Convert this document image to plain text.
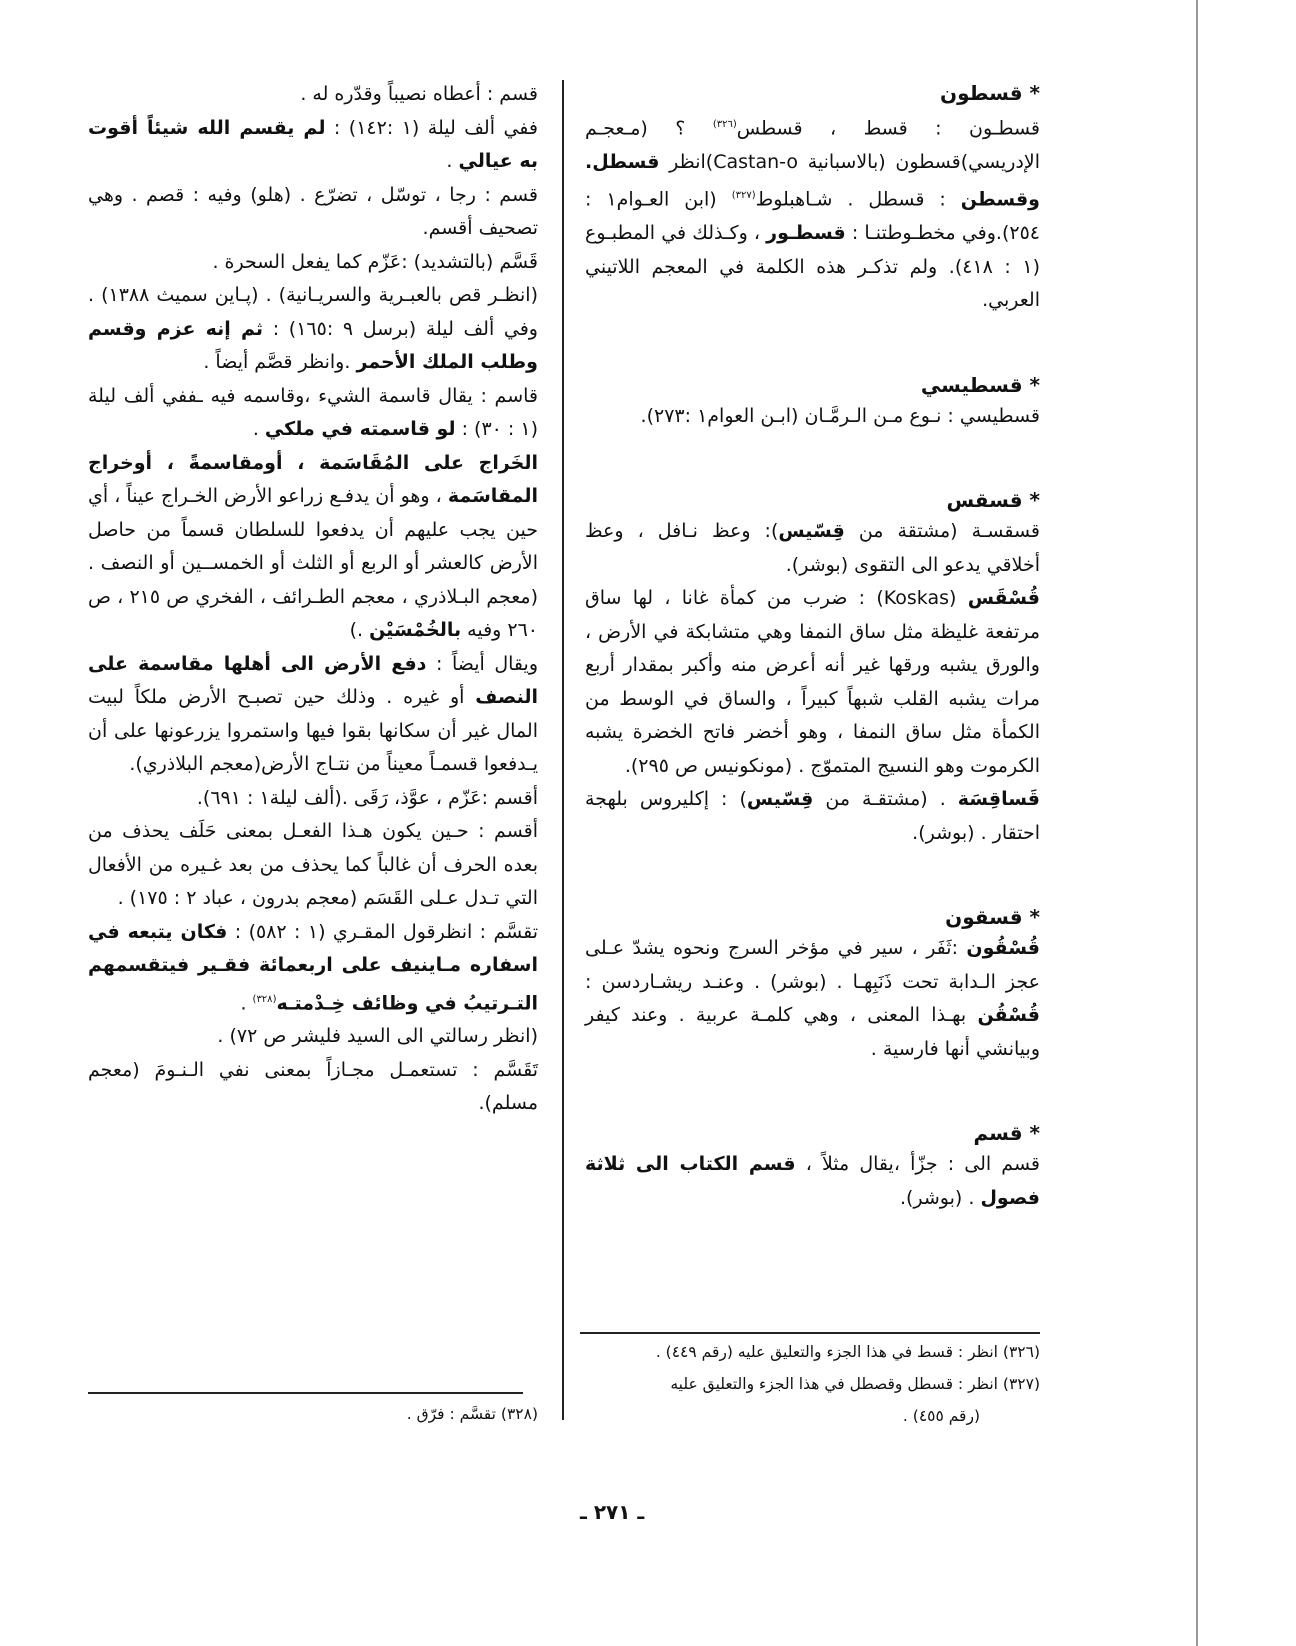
* قسطون

قسطـون : قسط ، قسطس$^{(٣٢٦)}$ ؟ (مـعجـم الإدريسي)قسطون (بالاسبانية Castan-o)انظر قسطل. وقسطن : قسطل . شـاهبلوط$^{(٣٢٧)}$ (ابن العـوام١ : ٢٥٤).وفي مخطـوطتنـا : قسطـور ، وكـذلك في المطبـوع (١ : ٤١٨). ولم تذكـر هذه الكلمة في المعجم اللاتيني العربي.

* قسطيسي

قسطيسي : نـوع مـن الـرمَّـان (ابـن العوام١ :٢٧٣).

* قسقس

قسقسـة (مشتقة من قِسّيس): وعظ نـافل ، وعظ أخلاقي يدعو الى التقوى (بوشر).

قُسْقَس (Koskas) : ضرب من كمأة غانا ، لها ساق مرتفعة غليظة مثل ساق النمفا وهي متشابكة في الأرض ، والورق يشبه ورقها غير أنه أعرض منه وأكبر بمقدار أربع مرات يشبه القلب شبهاً كبيراً ، والساق في الوسط من الكمأة مثل ساق النمفا ، وهو أخضر فاتح الخضرة يشبه الكرموت وهو النسيج المتموّج . (مونكونيس ص ٢٩٥).

قَساقِسَة . (مشتقـة من قِسّيس) : إكليروس بلهجة احتقار . (بوشر).

* قسقون

قُسْقُون :ثَفَر ، سير في مؤخر السرج ونحوه يشدّ عـلى عجز الـدابة تحت ذَنَبِهـا . (بوشر) . وعنـد ريشـاردسن : قُسْقُن بهـذا المعنى ، وهي كلمـة عربية . وعند كيفر وبيانشي أنها فارسية .

* قسم

قسم الى : جزّأ ،يقال مثلاً ، قسم الكتاب الى ثلاثة فصول . (بوشر).

(٣٢٦) انظر : قسط في هذا الجزء والتعليق عليه (رقم ٤٤٩) .
(٣٢٧) انظر : قسطل وقصطل في هذا الجزء والتعليق عليه
(رقم ٤٥٥) .

قسم : أعطاه نصيباً وقدّره له .

ففي ألف ليلة (١ :١٤٢) : لم يقسم الله شيئاً أقوت به عيالي .

قسم : رجا ، توسّل ، تضرّع . (هلو) وفيه : قصم . وهي تصحيف أقسم.

قَسَّم (بالتشديد) :عَزّم كما يفعل السحرة .

(انظـر قص بالعبـرية والسريـانية) . (پـاين سميث ١٣٨٨) . وفي ألف ليلة (برسل ٩ :١٦٥) : ثم إنه عزم وقسم وطلب الملك الأحمر .وانظر قصَّم أيضاً .

قاسم : يقال قاسمة الشيء ،وقاسمه فيه ـففي ألف ليلة (١ : ٣٠) : لو قاسمته في ملكي .

الخَراج على المُقَاسَمة ، أومقاسمةً ، أوخراج المقاسَمة ، وهو أن يدفـع زراعو الأرض الخـراج عيناً ، أي حين يجب عليهم أن يدفعوا للسلطان قسماً من حاصل الأرض كالعشر أو الربع أو الثلث أو الخمســين أو النصف . (معجم البـلاذري ، معجم الطـرائف ، الفخري ص ٢١٥ ، ص ٢٦٠ وفيه بالخُمْسَيْن .)

ويقال أيضاً : دفع الأرض الى أهلها مقاسمة على النصف أو غيره . وذلك حين تصبـح الأرض ملكاً لبيت المال غير أن سكانها بقوا فيها واستمروا يزرعونها على أن يـدفعوا قسمـاً معيناً من نتـاج الأرض(معجم البلاذري).

أقسم :عَزّم ، عوَّذ، رَقَى .(ألف ليلة١ : ٦٩١).

أقسم : حـين يكون هـذا الفعـل بمعنى حَلَف يحذف من بعده الحرف أن غالباً كما يحذف من بعد غـيره من الأفعال التي تـدل عـلى القَسَم (معجم بدرون ، عباد ٢ : ١٧٥) .

تقسَّم : انظرقول المقـري (١ : ٥٨٢) : فكان يتبعه في اسفاره مـاينيف على اربعمائة فقـير فيتقسمهم التـرتيبُ في وظائف خِـدْمتـه$^{(٣٢٨)}$ .

(انظر رسالتي الى السيد فليشر ص ٧٢) .

تَقَسَّم : تستعمـل مجـازاً بمعنى نفي الـنـومَ (معجم مسلم).

(٣٢٨) تقسَّم : فرّق .
ـ ٢٧١ ـ
